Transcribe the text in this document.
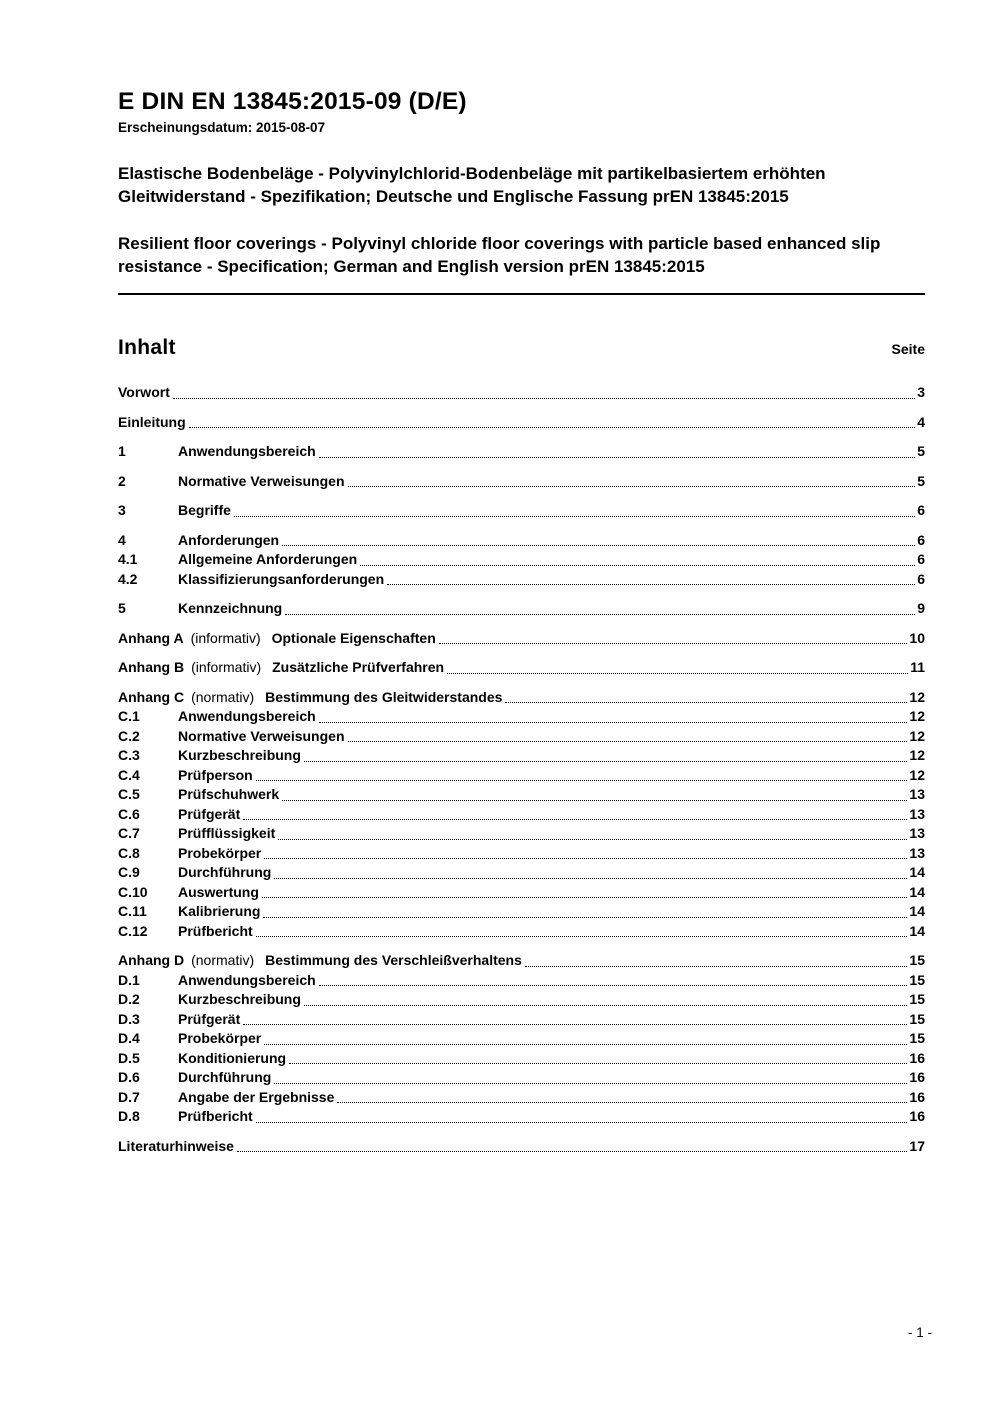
E DIN EN 13845:2015-09 (D/E)
Erscheinungsdatum: 2015-08-07

Elastische Bodenbeläge - Polyvinylchlorid-Bodenbeläge mit partikelbasiertem erhöhten Gleitwiderstand - Spezifikation; Deutsche und Englische Fassung prEN 13845:2015

Resilient floor coverings - Polyvinyl chloride floor coverings with particle based enhanced slip resistance - Specification; German and English version prEN 13845:2015

Inhalt	Seite
Vorwort	3
Einleitung	4
1	Anwendungsbereich	5
2	Normative Verweisungen	5
3	Begriffe	6
4	Anforderungen	6
4.1	Allgemeine Anforderungen	6
4.2	Klassifizierungsanforderungen	6
5	Kennzeichnung	9
Anhang A (informativ) Optionale Eigenschaften	10
Anhang B (informativ) Zusätzliche Prüfverfahren	11
Anhang C (normativ) Bestimmung des Gleitwiderstandes	12
C.1	Anwendungsbereich	12
C.2	Normative Verweisungen	12
C.3	Kurzbeschreibung	12
C.4	Prüfperson	12
C.5	Prüfschuhwerk	13
C.6	Prüfgerät	13
C.7	Prüfflüssigkeit	13
C.8	Probekörper	13
C.9	Durchführung	14
C.10	Auswertung	14
C.11	Kalibrierung	14
C.12	Prüfbericht	14
Anhang D (normativ) Bestimmung des Verschleißverhaltens	15
D.1	Anwendungsbereich	15
D.2	Kurzbeschreibung	15
D.3	Prüfgerät	15
D.4	Probekörper	15
D.5	Konditionierung	16
D.6	Durchführung	16
D.7	Angabe der Ergebnisse	16
D.8	Prüfbericht	16
Literaturhinweise	17
- 1 -
